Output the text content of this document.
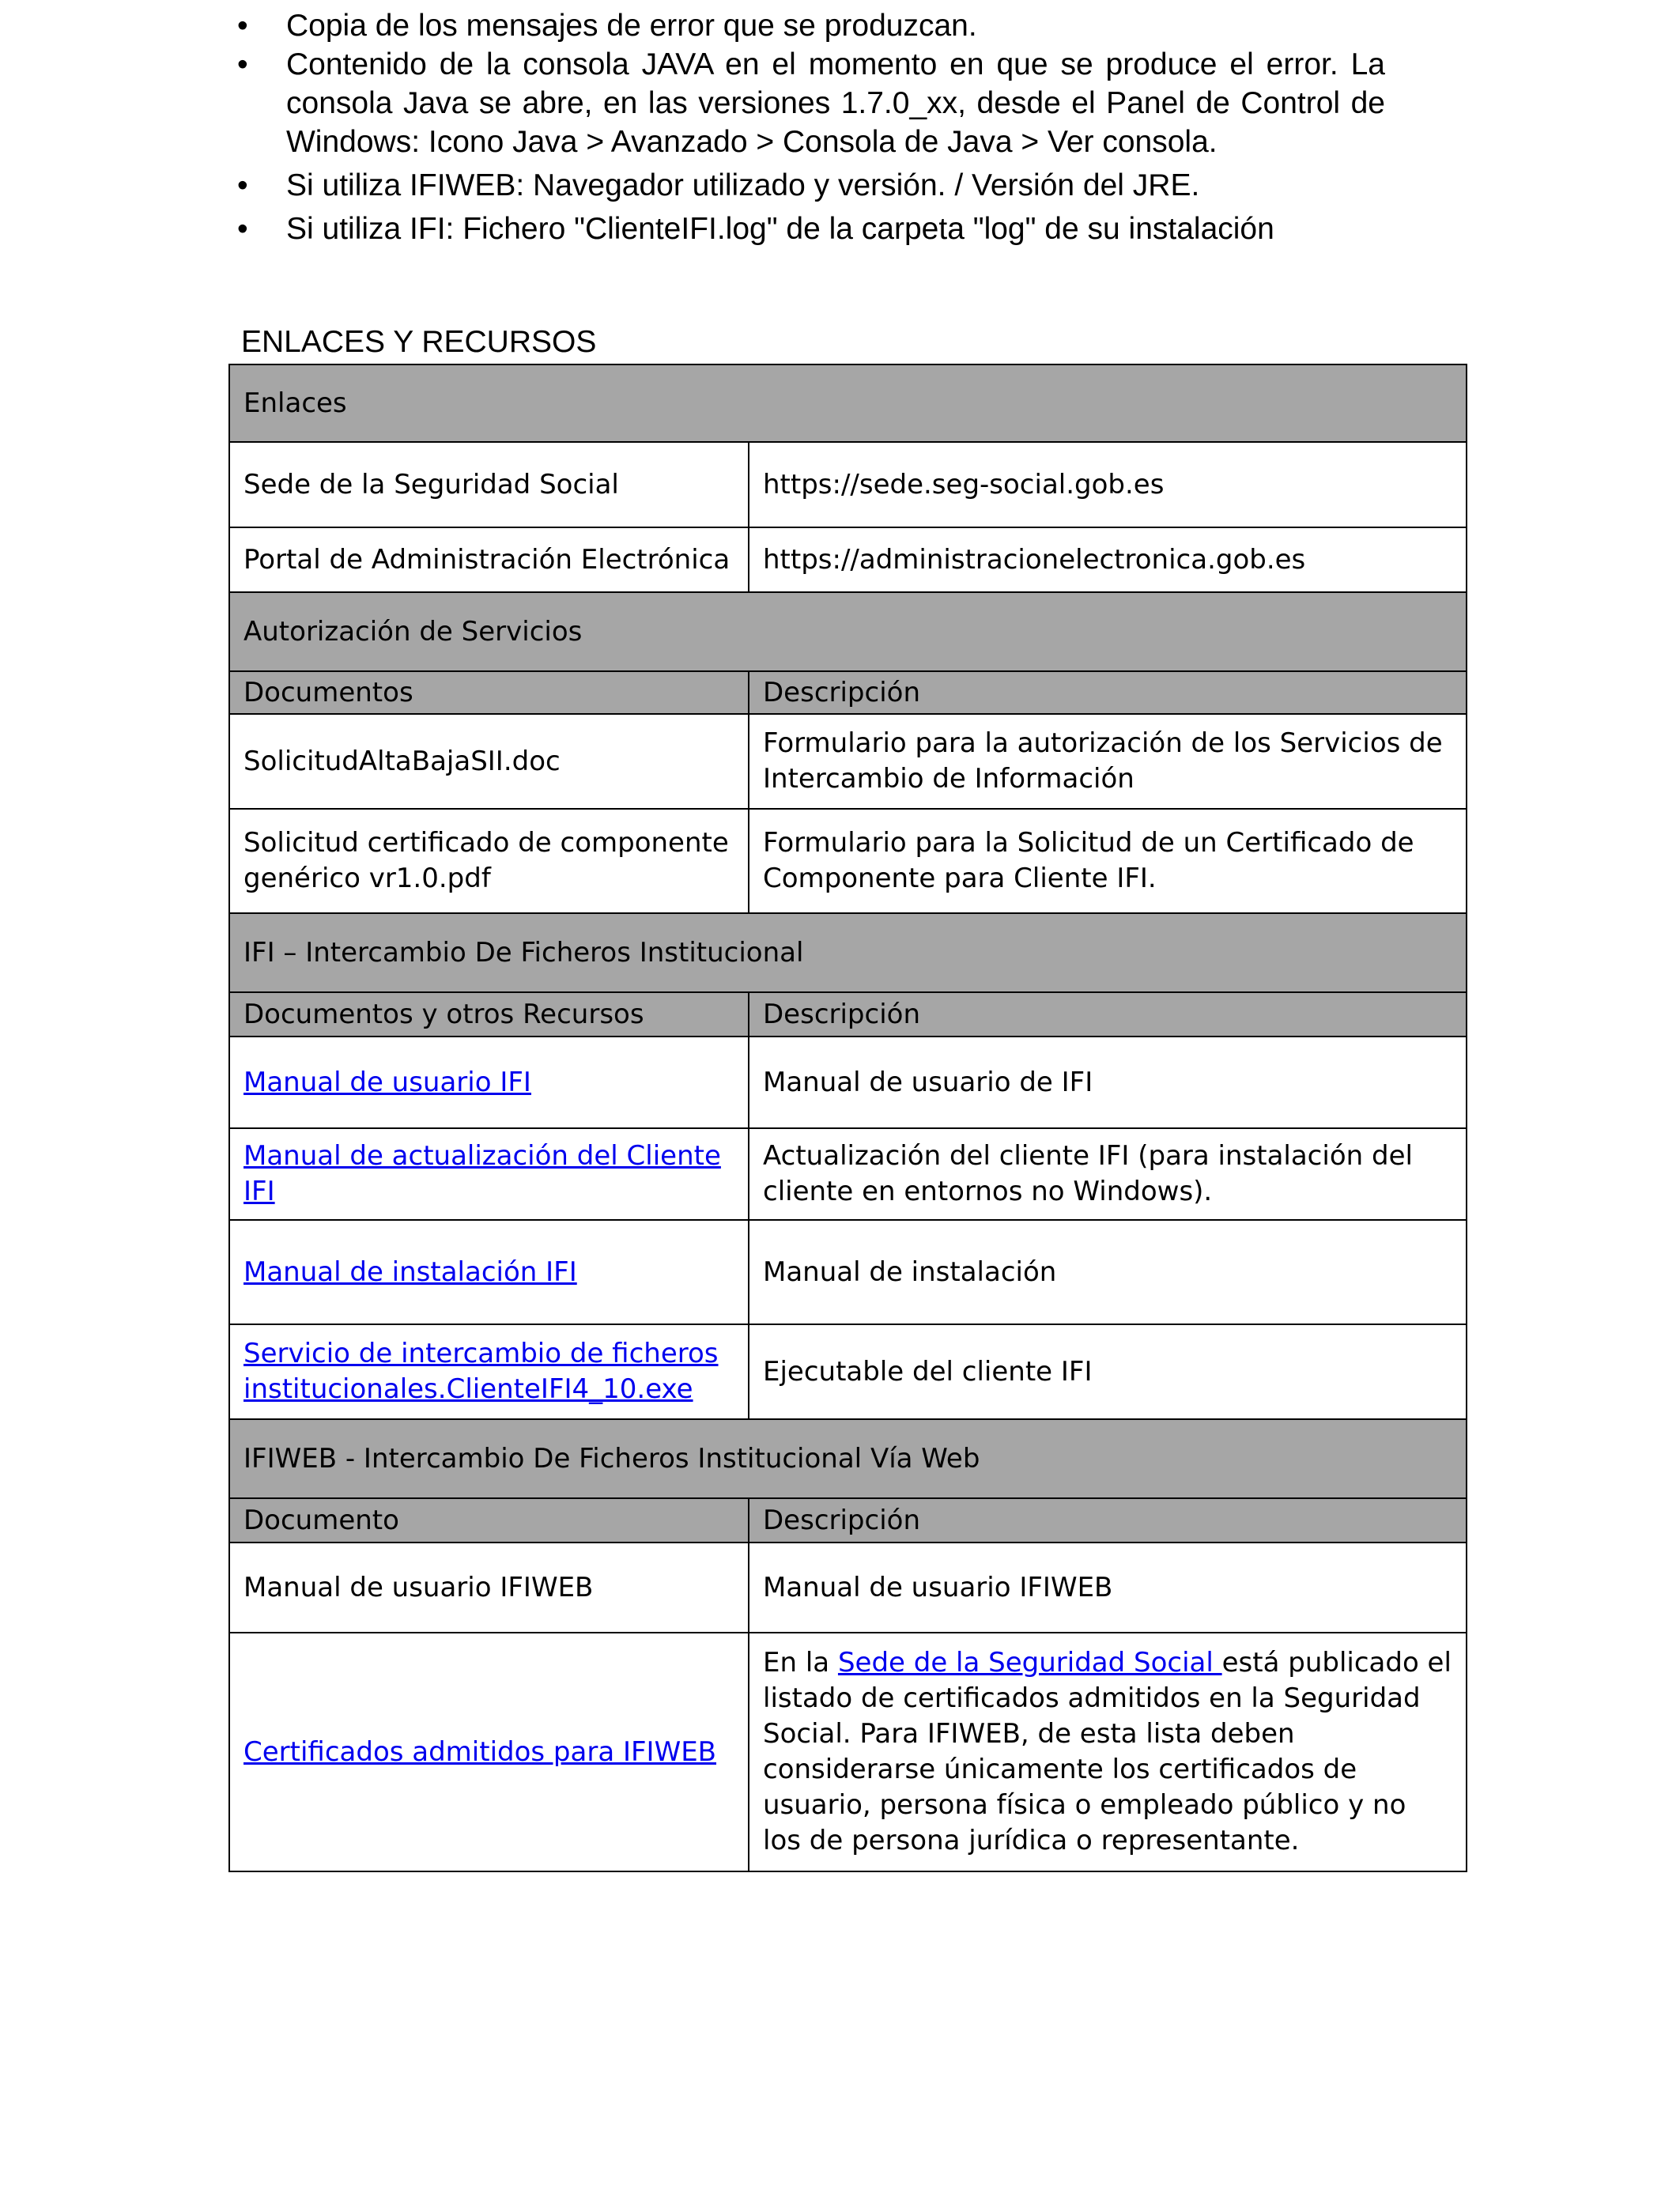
• Copia de los mensajes de error que se produzcan.
• Contenido de la consola JAVA en el momento en que se produce el error. La consola Java se abre, en las versiones 1.7.0_xx, desde el Panel de Control de Windows: Icono Java > Avanzado > Consola de Java > Ver consola.
• Si utiliza IFIWEB: Navegador utilizado y versión. / Versión del JRE.
• Si utiliza IFI: Fichero "ClienteIFI.log" de la carpeta "log" de su instalación
ENLACES Y RECURSOS
Enlaces	
Sede de la Seguridad Social	https://sede.seg-social.gob.es
Portal de Administración Electrónica	https://administracionelectronica.gob.es
Autorización de Servicios	
Documentos	Descripción
SolicitudAltaBajaSII.doc	Formulario para la autorización de los Servicios de Intercambio de Información
Solicitud certificado de componente genérico vr1.0.pdf	Formulario para la Solicitud de un Certificado de Componente para Cliente IFI.
IFI – Intercambio De Ficheros Institucional	
Documentos y otros Recursos	Descripción
Manual de usuario IFI	Manual de usuario de IFI
Manual de actualización del Cliente IFI	Actualización del cliente IFI (para instalación del cliente en entornos no Windows).
Manual de instalación IFI	Manual de instalación
Servicio de intercambio de ficheros institucionales.ClienteIFI4_10.exe	Ejecutable del cliente IFI
IFIWEB - Intercambio De Ficheros Institucional Vía Web	
Documento	Descripción
Manual de usuario IFIWEB	Manual de usuario IFIWEB
Certificados admitidos para IFIWEB	En la Sede de la Seguridad Social está publicado el listado de certificados admitidos en la Seguridad Social. Para IFIWEB, de esta lista deben considerarse únicamente los certificados de usuario, persona física o empleado público y no los de persona jurídica o representante.
